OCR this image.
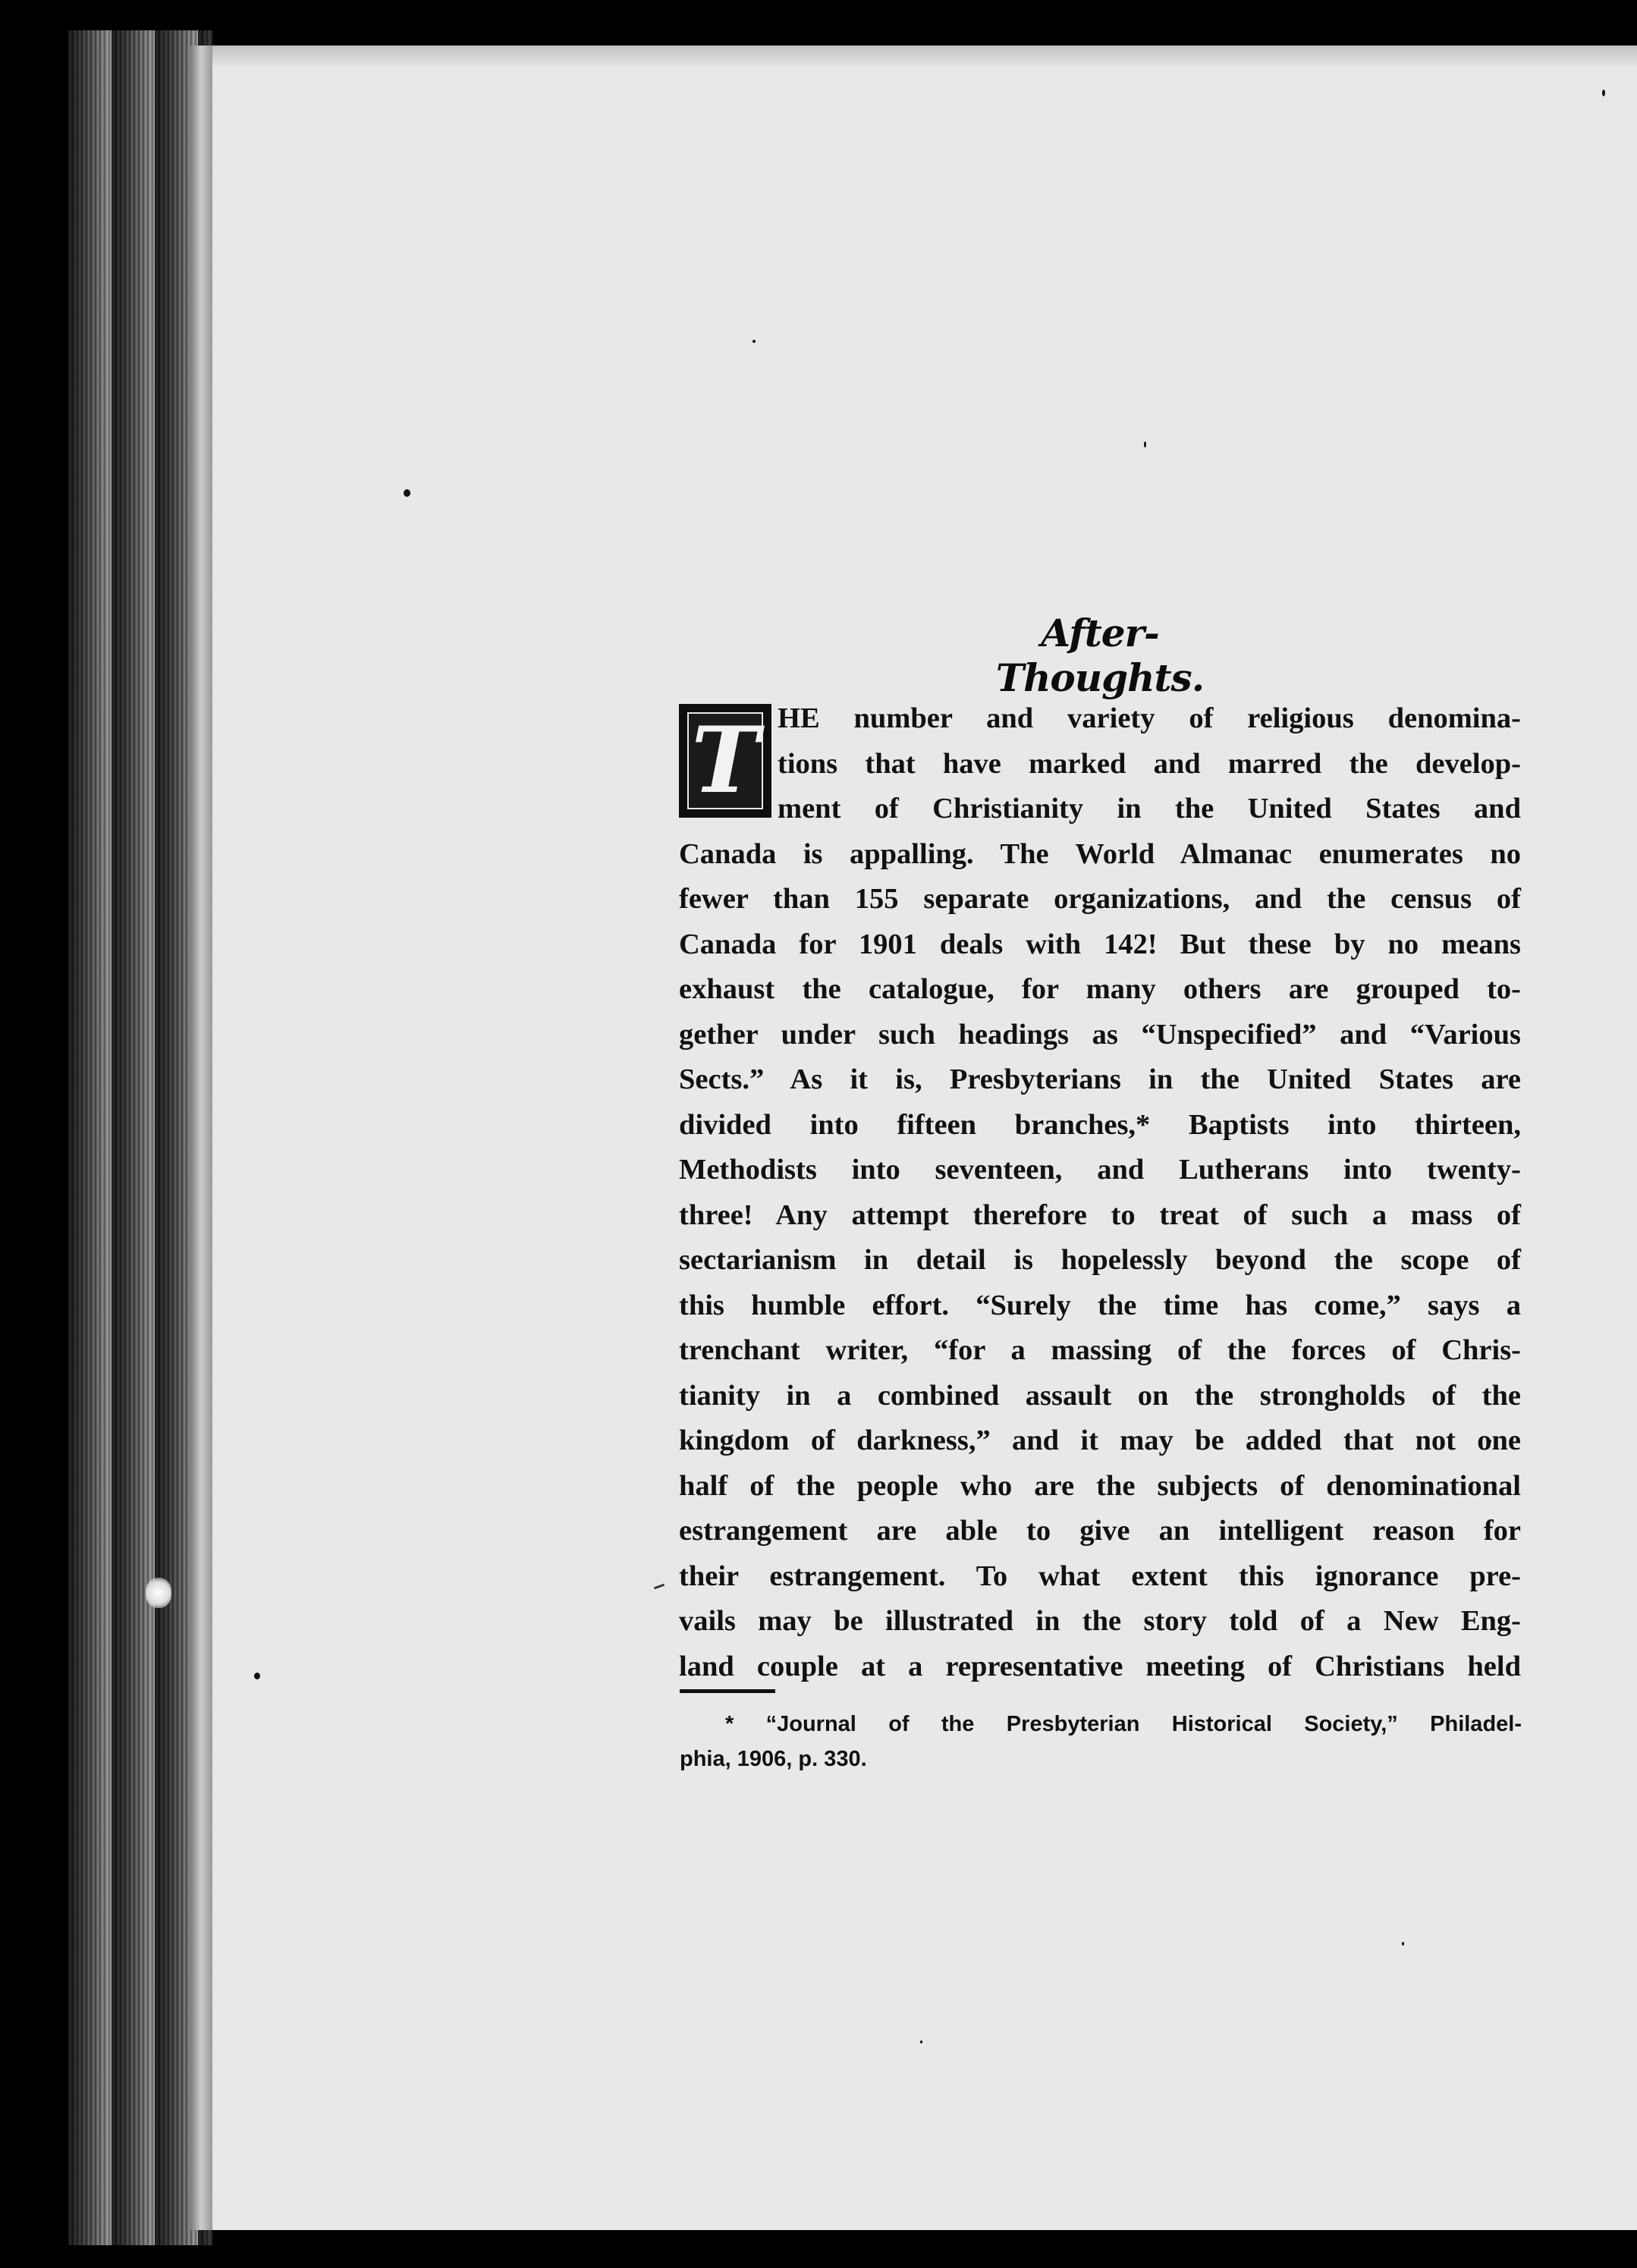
After-Thoughts.
T HE number and variety of religious denomina-
tions that have marked and marred the develop-
ment of Christianity in the United States and
Canada is appalling. The World Almanac enumerates no
fewer than 155 separate organizations, and the census of
Canada for 1901 deals with 142! But these by no means
exhaust the catalogue, for many others are grouped to-
gether under such headings as “Unspecified” and “Various
Sects.” As it is, Presbyterians in the United States are
divided into fifteen branches,* Baptists into thirteen,
Methodists into seventeen, and Lutherans into twenty-
three! Any attempt therefore to treat of such a mass of
sectarianism in detail is hopelessly beyond the scope of
this humble effort. “Surely the time has come,” says a
trenchant writer, “for a massing of the forces of Chris-
tianity in a combined assault on the strongholds of the
kingdom of darkness,” and it may be added that not one
half of the people who are the subjects of denominational
estrangement are able to give an intelligent reason for
their estrangement. To what extent this ignorance pre-
vails may be illustrated in the story told of a New Eng-
land couple at a representative meeting of Christians held
* “Journal of the Presbyterian Historical Society,” Philadel-
phia, 1906, p. 330.
